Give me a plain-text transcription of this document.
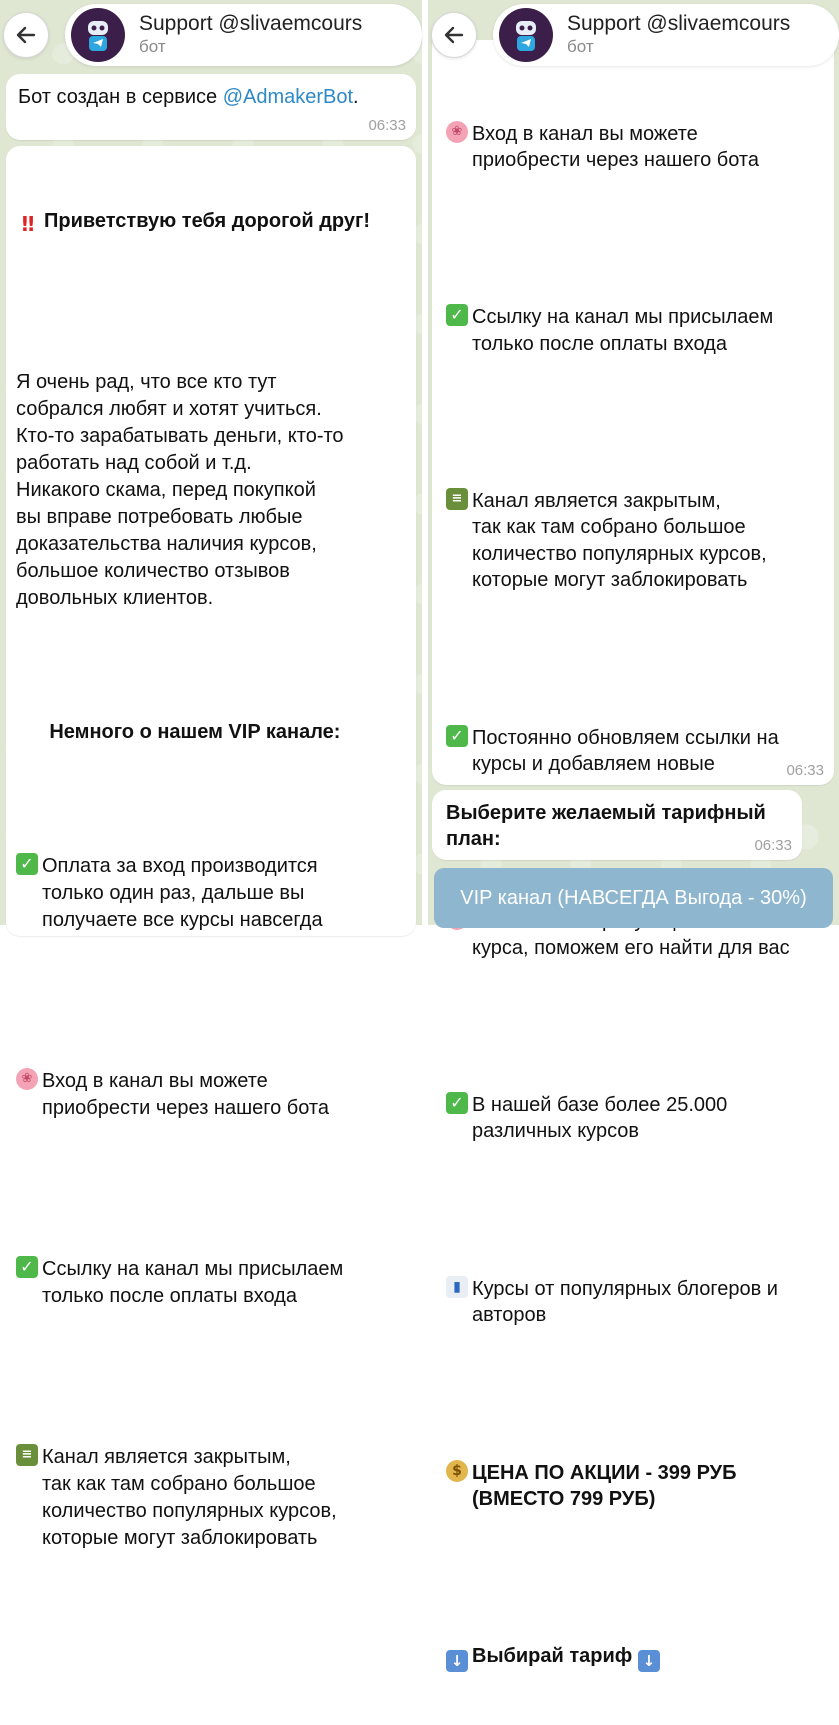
Support @slivaemcours
бот
Бот создан в сервисе @AdmakerBot.
06:33

‼ Приветствую тебя дорогой друг!

Я очень рад, что все кто тут
собрался любят и хотят учиться.
Кто-то зарабатывать деньги, кто-то
работать над собой и т.д.
Никакого скама, перед покупкой
вы вправе потребовать любые
доказательства наличия курсов,
большое количество отзывов
довольных клиентов.

Немного о нашем VIP канале:

✓ Оплата за вход производится
только один раз, дальше вы
получаете все курсы навсегда

❀ Вход в канал вы можете
приобрести через нашего бота

✓ Ссылку на канал мы присылаем
только после оплаты входа

≡ Канал является закрытым,
так как там собрано большое
количество популярных курсов,
которые могут заблокировать

Support @slivaemcours
бот

❀ Вход в канал вы можете
приобрести через нашего бота

✓ Ссылку на канал мы присылаем
только после оплаты входа

≡ Канал является закрытым,
так как там собрано большое
количество популярных курсов,
которые могут заблокировать

✓ Постоянно обновляем ссылки на
курсы и добавляем новые

курса, поможем его найти для вас

✓ В нашей базе более 25.000
различных курсов

▮ Курсы от популярных блогеров и
авторов

$ ЦЕНА ПО АКЦИИ - 399 РУБ
(ВМЕСТО 799 РУБ)

↓ Выбирай тариф ↓

06:33
Выберите желаемый тарифный
план:	06:33
VIP канал (НАВСЕГДА Выгода - 30%)
